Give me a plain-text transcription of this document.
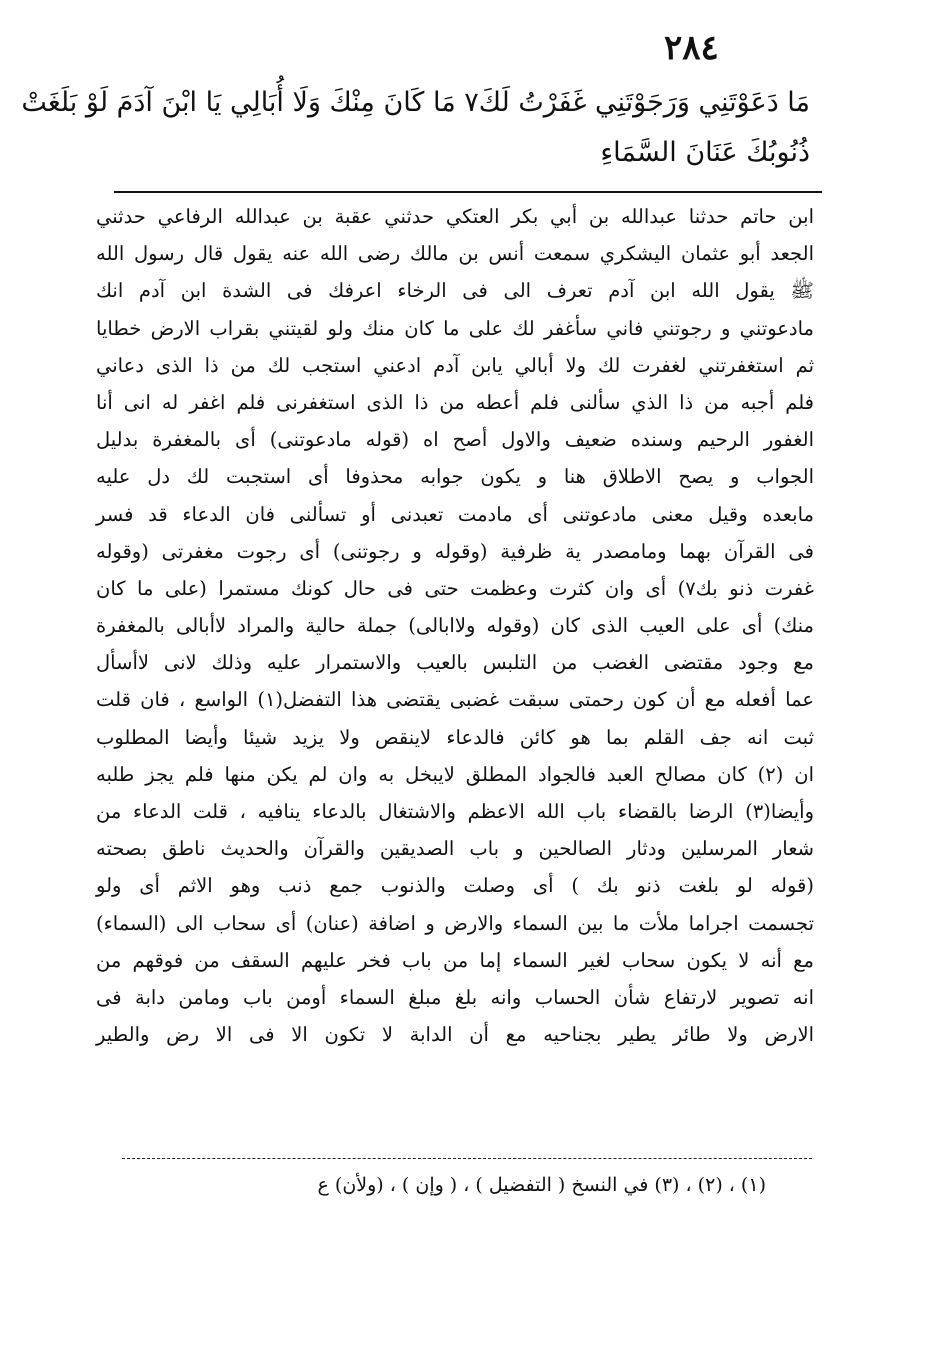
٢٨٤
مَا دَعَوْتَنِي وَرَجَوْتَنِي غَفَرْتُ لَكَ٧ مَا كَانَ مِنْكَ وَلَا أُبَالِي يَا ابْنَ آدَمَ لَوْ بَلَغَتْ
ذُنُوبُكَ عَنَانَ السَّمَاءِ
ابن حاتم حدثنا عبدالله بن أبي بكر العتكي حدثني عقبة بن عبدالله الرفاعي حدثني
الجعد أبو عثمان اليشكري سمعت أنس بن مالك رضى الله عنه يقول قال رسول الله
ﷺ يقول الله ابن آدم تعرف الى فى الرخاء اعرفك فى الشدة ابن آدم انك
مادعوتني و رجوتني فاني سأغفر لك على ما كان منك ولو لقيتني بقراب الارض خطايا
ثم استغفرتني لغفرت لك ولا أبالي يابن آدم ادعني استجب لك من ذا الذى دعاني
فلم أجبه من ذا الذي سألنى فلم أعطه من ذا الذى استغفرنى فلم اغفر له انى أنا
الغفور الرحيم وسنده ضعيف والاول أصح اه (قوله مادعوتنى) أى بالمغفرة بدليل
الجواب و يصح الاطلاق هنا و يكون جوابه محذوفا أى استجبت لك دل عليه
مابعده وقيل معنى مادعوتنى أى مادمت تعبدنى أو تسألنى فان الدعاء قد فسر
فى القرآن بهما ومامصدر ية ظرفية (وقوله و رجوتنى) أى رجوت مغفرتى (وقوله
غفرت ذنو بك٧) أى وان كثرت وعظمت حتى فى حال كونك مستمرا (على ما كان
منك) أى على العيب الذى كان (وقوله ولاابالى) جملة حالية والمراد لاأبالى بالمغفرة
مع وجود مقتضى الغضب من التلبس بالعيب والاستمرار عليه وذلك لانى لاأسأل
عما أفعله مع أن كون رحمتى سبقت غضبى يقتضى هذا التفضل(١) الواسع ، فان قلت
ثبت انه جف القلم بما هو كائن فالدعاء لاينقص ولا يزيد شيئا وأيضا المطلوب
ان (٢) كان مصالح العبد فالجواد المطلق لايبخل به وان لم يكن منها فلم يجز طلبه
وأيضا(٣) الرضا بالقضاء باب الله الاعظم والاشتغال بالدعاء ينافيه ، قلت الدعاء من
شعار المرسلين ودثار الصالحين و باب الصديقين والقرآن والحديث ناطق بصحته
(قوله لو بلغت ذنو بك ) أى وصلت والذنوب جمع ذنب وهو الاثم أى ولو
تجسمت اجراما ملأت ما بين السماء والارض و اضافة (عنان) أى سحاب الى (السماء)
مع أنه لا يكون سحاب لغير السماء إما من باب فخر عليهم السقف من فوقهم من
انه تصوير لارتفاع شأن الحساب وانه بلغ مبلغ السماء أومن باب ومامن دابة فى
الارض ولا طائر يطير بجناحيه مع أن الدابة لا تكون الا فى الا رض والطير
(١) ، (٢) ، (٣) في النسخ ( التفضيل ) ، ( وإن ) ، (ولأن) ع
